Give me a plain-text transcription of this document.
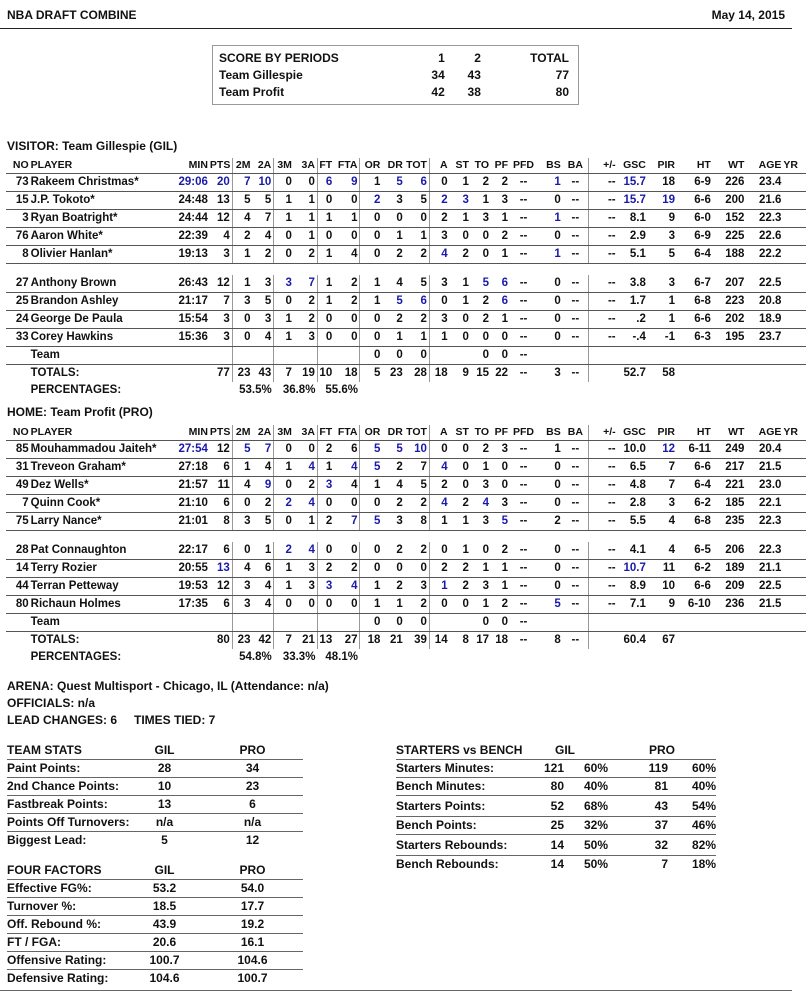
NBA DRAFT COMBINE	May 14, 2015
SCORE BY PERIODS	1	2	TOTAL
Team Gillespie	34	43	77
Team Profit	42	38	80
VISITOR: Team Gillespie (GIL)
NO	PLAYER	MIN	PTS	2M	2A	3M	3A	FT	FTA	OR	DR	TOT	A	ST	TO	PF	PFD	BS	BA	+/-	GSC	PIR	HT	WT	AGE	YR
73	Rakeem Christmas*	29:06	20	7	10	0	0	6	9	1	5	6	0	1	2	2	--	1	--	--	15.7	18	6-9	226	23.4	
15	J.P. Tokoto*	24:48	13	5	5	1	1	0	0	2	3	5	2	3	1	3	--	0	--	--	15.7	19	6-6	200	21.6	
3	Ryan Boatright*	24:44	12	4	7	1	1	1	1	0	0	0	2	1	3	1	--	1	--	--	8.1	9	6-0	152	22.3	
76	Aaron White*	22:39	4	2	4	0	1	0	0	0	1	1	3	0	0	2	--	0	--	--	2.9	3	6-9	225	22.6	
8	Olivier Hanlan*	19:13	3	1	2	0	2	1	4	0	2	2	4	2	0	1	--	1	--	--	5.1	5	6-4	188	22.2	

27	Anthony Brown	26:43	12	1	3	3	7	1	2	1	4	5	3	1	5	6	--	0	--	--	3.8	3	6-7	207	22.5	
25	Brandon Ashley	21:17	7	3	5	0	2	1	2	1	5	6	0	1	2	6	--	0	--	--	1.7	1	6-8	223	20.8	
24	George De Paula	15:54	3	0	3	1	2	0	0	0	2	2	3	0	2	1	--	0	--	--	.2	1	6-6	202	18.9	
33	Corey Hawkins	15:36	3	0	4	1	3	0	0	0	1	1	1	0	0	0	--	0	--	--	-.4	-1	6-3	195	23.7	
	Team									0	0	0			0	0	--									
	TOTALS:		77	23	43	7	19	10	18	5	23	28	18	9	15	22	--	3	--		52.7	58				
	PERCENTAGES:			53.5%		36.8%		55.6%																		
HOME: Team Profit (PRO)
NO	PLAYER	MIN	PTS	2M	2A	3M	3A	FT	FTA	OR	DR	TOT	A	ST	TO	PF	PFD	BS	BA	+/-	GSC	PIR	HT	WT	AGE	YR
85	Mouhammadou Jaiteh*	27:54	12	5	7	0	0	2	6	5	5	10	0	0	2	3	--	1	--	--	10.0	12	6-11	249	20.4	
31	Treveon Graham*	27:18	6	1	4	1	4	1	4	5	2	7	4	0	1	0	--	0	--	--	6.5	7	6-6	217	21.5	
49	Dez Wells*	21:57	11	4	9	0	2	3	4	1	4	5	2	0	3	0	--	0	--	--	4.8	7	6-4	221	23.0	
7	Quinn Cook*	21:10	6	0	2	2	4	0	0	0	2	2	4	2	4	3	--	0	--	--	2.8	3	6-2	185	22.1	
75	Larry Nance*	21:01	8	3	5	0	1	2	7	5	3	8	1	1	3	5	--	2	--	--	5.5	4	6-8	235	22.3	

28	Pat Connaughton	22:17	6	0	1	2	4	0	0	0	2	2	0	1	0	2	--	0	--	--	4.1	4	6-5	206	22.3	
14	Terry Rozier	20:55	13	4	6	1	3	2	2	0	0	0	2	2	1	1	--	0	--	--	10.7	11	6-2	189	21.1	
44	Terran Petteway	19:53	12	3	4	1	3	3	4	1	2	3	1	2	3	1	--	0	--	--	8.9	10	6-6	209	22.5	
80	Richaun Holmes	17:35	6	3	4	0	0	0	0	1	1	2	0	0	1	2	--	5	--	--	7.1	9	6-10	236	21.5	
	Team									0	0	0			0	0	--									
	TOTALS:		80	23	42	7	21	13	27	18	21	39	14	8	17	18	--	8	--		60.4	67				
	PERCENTAGES:			54.8%		33.3%		48.1%																		
ARENA: Quest Multisport - Chicago, IL (Attendance: n/a)
OFFICIALS: n/a
LEAD CHANGES: 6 TIMES TIED: 7
TEAM STATS	GIL	PRO
Paint Points:	28	34
2nd Chance Points:	10	23
Fastbreak Points:	13	6
Points Off Turnovers:	n/a	n/a
Biggest Lead:	5	12
FOUR FACTORS	GIL	PRO
Effective FG%:	53.2	54.0
Turnover %:	18.5	17.7
Off. Rebound %:	43.9	19.2
FT / FGA:	20.6	16.1
Offensive Rating:	100.7	104.6
Defensive Rating:	104.6	100.7
STARTERS vs BENCH	GIL		PRO	
Starters Minutes:	121	60%	119	60%
Bench Minutes:	80	40%	81	40%
Starters Points:	52	68%	43	54%
Bench Points:	25	32%	37	46%
Starters Rebounds:	14	50%	32	82%
Bench Rebounds:	14	50%	7	18%
